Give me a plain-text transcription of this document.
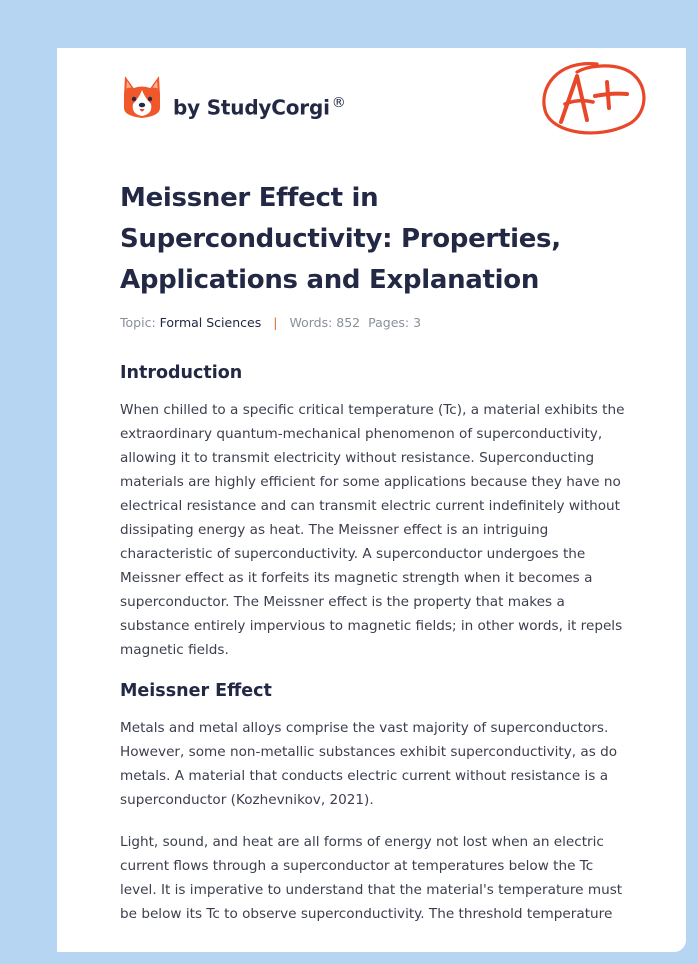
by StudyCorgi ®
Meissner Effect in Superconductivity: Properties, Applications and Explanation
Topic: Formal Sciences | Words: 852 Pages: 3
Introduction

When chilled to a specific critical temperature (Tc), a material exhibits the extraordinary quantum-mechanical phenomenon of superconductivity, allowing it to transmit electricity without resistance. Superconducting materials are highly efficient for some applications because they have no electrical resistance and can transmit electric current indefinitely without dissipating energy as heat. The Meissner effect is an intriguing characteristic of superconductivity. A superconductor undergoes the Meissner effect as it forfeits its magnetic strength when it becomes a superconductor. The Meissner effect is the property that makes a substance entirely impervious to magnetic fields; in other words, it repels magnetic fields.

Meissner Effect

Metals and metal alloys comprise the vast majority of superconductors. However, some non-metallic substances exhibit superconductivity, as do metals. A material that conducts electric current without resistance is a superconductor (Kozhevnikov, 2021).

Light, sound, and heat are all forms of energy not lost when an electric current flows through a superconductor at temperatures below the Tc level. It is imperative to understand that the material's temperature must be below its Tc to observe superconductivity. The threshold temperature
